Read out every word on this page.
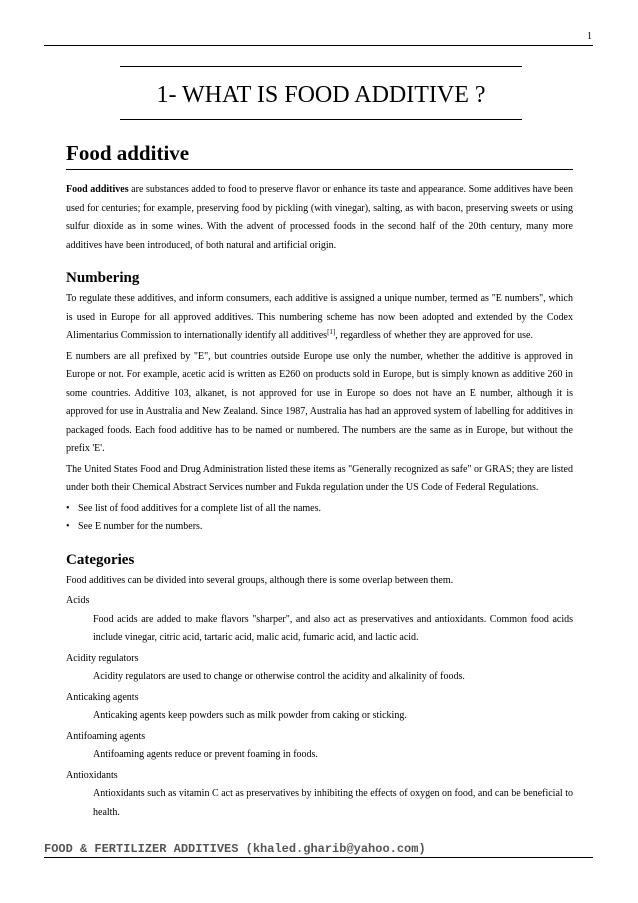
1
1- WHAT IS FOOD ADDITIVE ?
Food additive

Food additives are substances added to food to preserve flavor or enhance its taste and appearance. Some additives have been used for centuries; for example, preserving food by pickling (with vinegar), salting, as with bacon, preserving sweets or using sulfur dioxide as in some wines. With the advent of processed foods in the second half of the 20th century, many more additives have been introduced, of both natural and artificial origin.

Numbering

To regulate these additives, and inform consumers, each additive is assigned a unique number, termed as "E numbers", which is used in Europe for all approved additives. This numbering scheme has now been adopted and extended by the Codex Alimentarius Commission to internationally identify all additives[1], regardless of whether they are approved for use.

E numbers are all prefixed by "E", but countries outside Europe use only the number, whether the additive is approved in Europe or not. For example, acetic acid is written as E260 on products sold in Europe, but is simply known as additive 260 in some countries. Additive 103, alkanet, is not approved for use in Europe so does not have an E number, although it is approved for use in Australia and New Zealand. Since 1987, Australia has had an approved system of labelling for additives in packaged foods. Each food additive has to be named or numbered. The numbers are the same as in Europe, but without the prefix 'E'.

The United States Food and Drug Administration listed these items as "Generally recognized as safe" or GRAS; they are listed under both their Chemical Abstract Services number and Fukda regulation under the US Code of Federal Regulations.

• See list of food additives for a complete list of all the names.
• See E number for the numbers.
Categories

Food additives can be divided into several groups, although there is some overlap between them.

Acids
Food acids are added to make flavors "sharper", and also act as preservatives and antioxidants. Common food acids include vinegar, citric acid, tartaric acid, malic acid, fumaric acid, and lactic acid.
Acidity regulators
Acidity regulators are used to change or otherwise control the acidity and alkalinity of foods.
Anticaking agents
Anticaking agents keep powders such as milk powder from caking or sticking.
Antifoaming agents
Antifoaming agents reduce or prevent foaming in foods.
Antioxidants
Antioxidants such as vitamin C act as preservatives by inhibiting the effects of oxygen on food, and can be beneficial to health.
FOOD & FERTILIZER ADDITIVES (khaled.gharib@yahoo.com)
